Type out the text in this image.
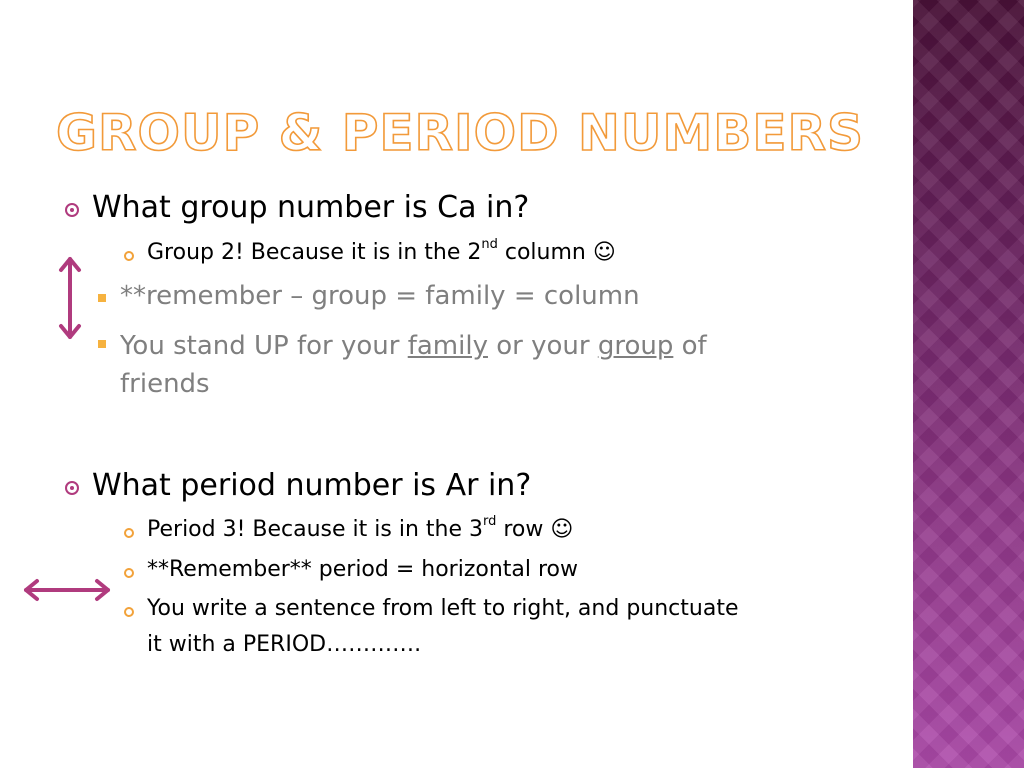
GROUP & PERIOD NUMBERS
What group number is Ca in?
Group 2! Because it is in the 2nd column ☺
**remember – group = family = column
You stand UP for your family or your group of friends
What period number is Ar in?
Period 3! Because it is in the 3rd row ☺
**Remember** period = horizontal row
You write a sentence from left to right, and punctuate
it with a PERIOD………….
